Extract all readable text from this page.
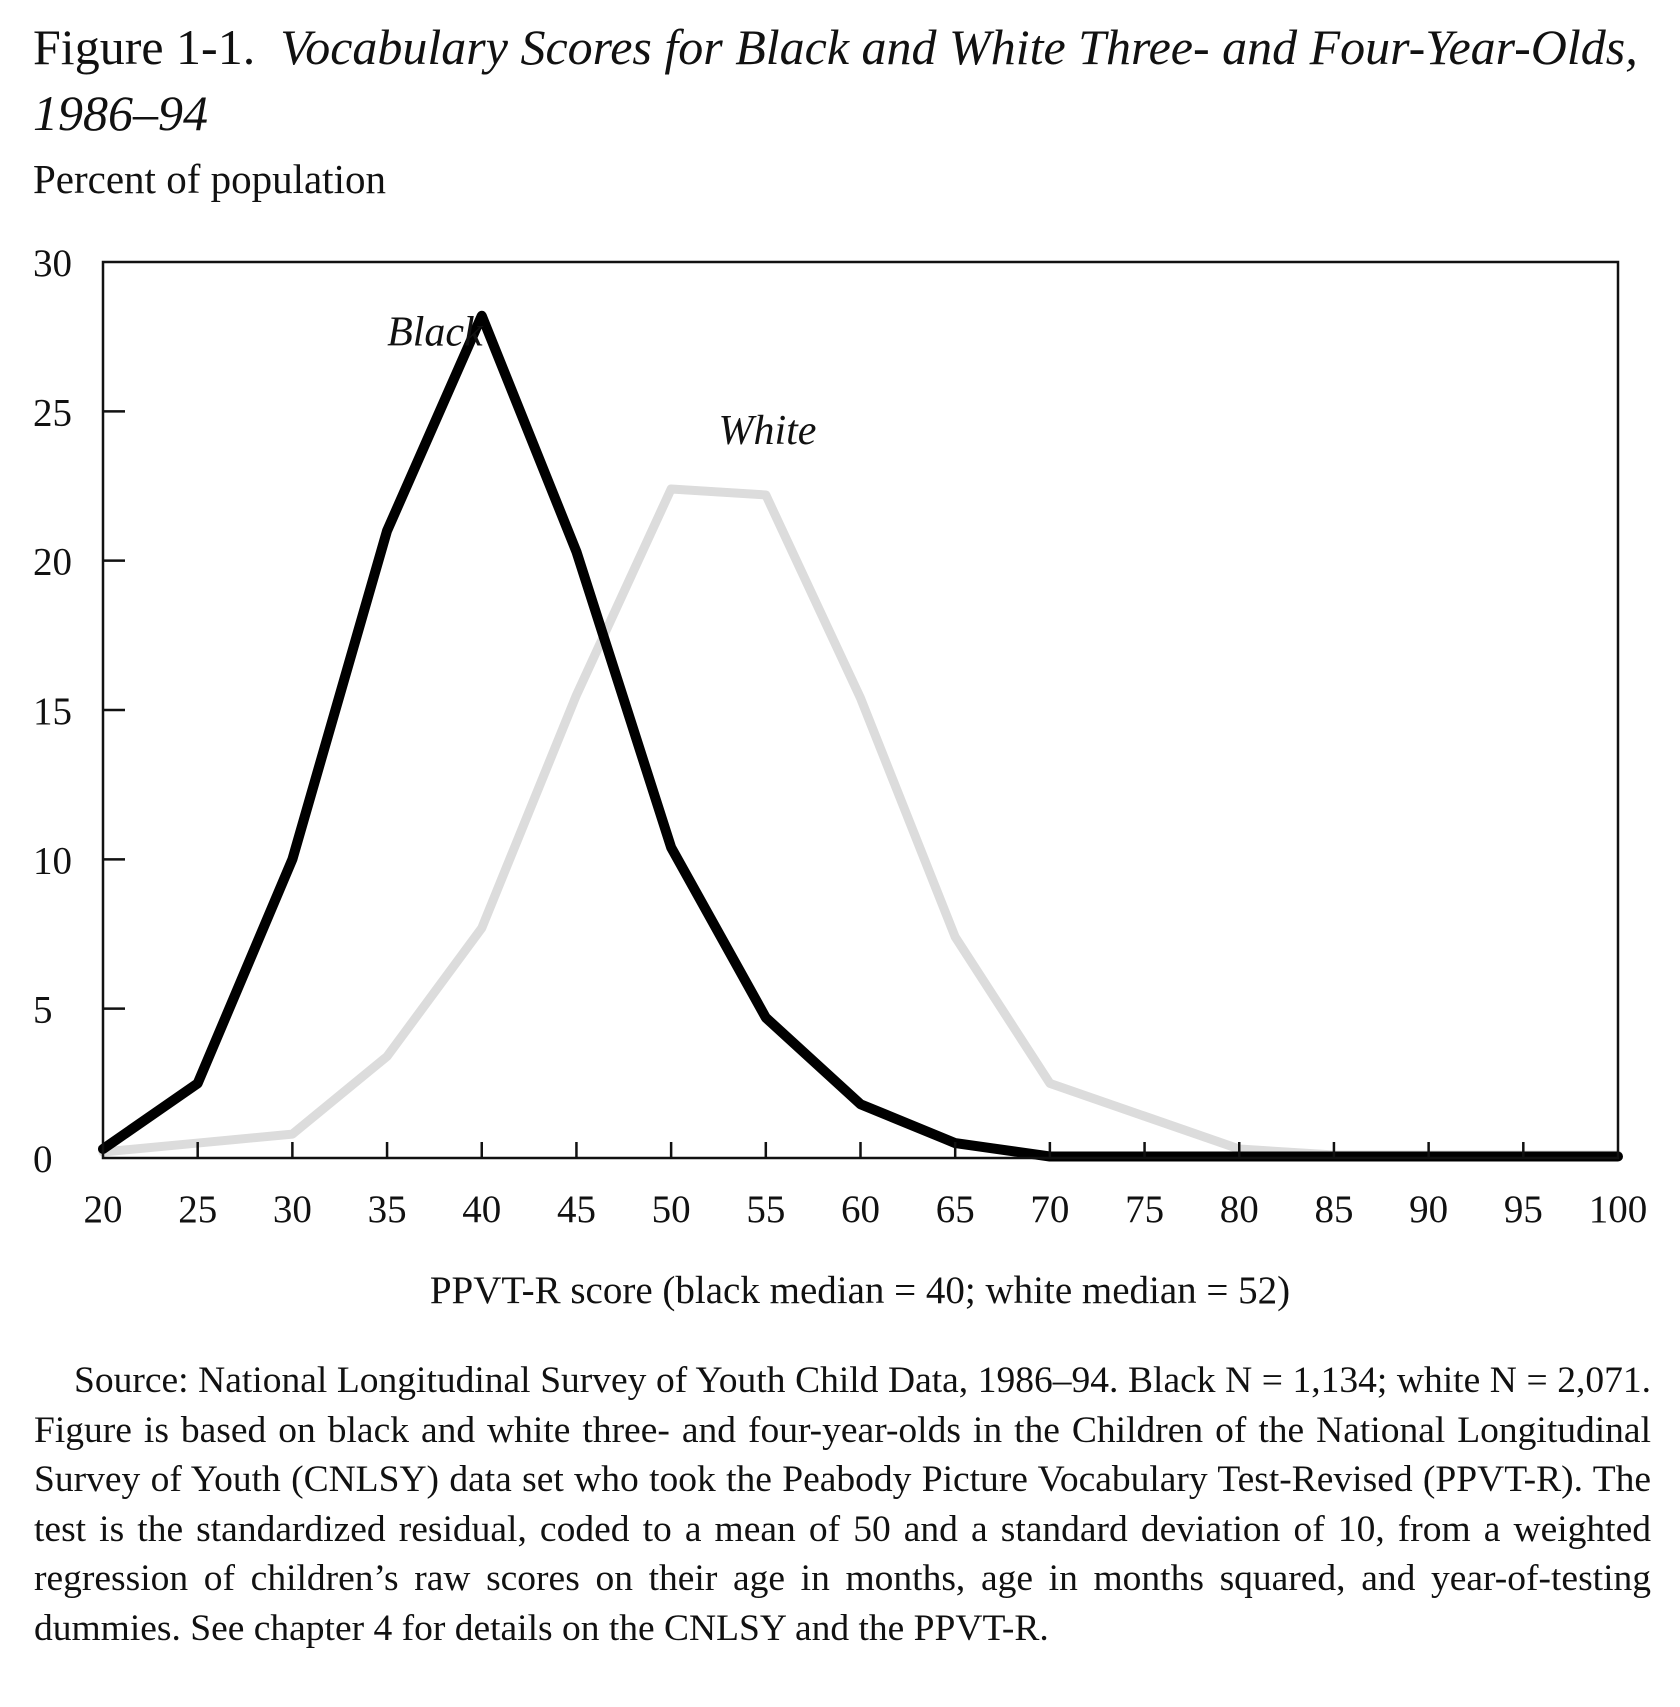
Figure 1-1. Vocabulary Scores for Black and White Three- and Four-Year-Olds, 1986–94

Percent of population

0
5
10
15
20
25
30
20 25 30 35 40 45 50 55 60 65 70 75 80 85 90 95 100
Black
White

PPVT-R score (black median = 40; white median = 52)

Source: National Longitudinal Survey of Youth Child Data, 1986–94. Black N = 1,134; white N = 2,071. Figure is based on black and white three- and four-year-olds in the Children of the National Longitudinal Survey of Youth (CNLSY) data set who took the Peabody Picture Vocabulary Test-Revised (PPVT-R). The test is the standardized residual, coded to a mean of 50 and a standard deviation of 10, from a weighted regression of children’s raw scores on their age in months, age in months squared, and year-of-testing dummies. See chapter 4 for details on the CNLSY and the PPVT-R.
